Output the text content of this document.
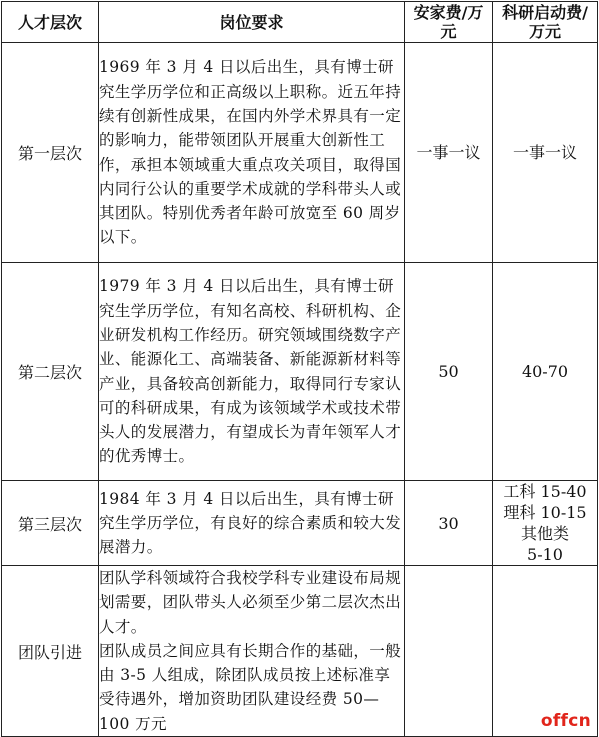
人才层次	岗位要求	安家费/万元	科研启动费/万元

第一层次	1969 年 3 月 4 日以后出生，具有博士研究生学历学位和正高级以上职称。近五年持续有创新性成果，在国内外学术界具有一定的影响力，能带领团队开展重大创新性工作，承担本领域重大重点攻关项目，取得国内同行公认的重要学术成就的学科带头人或其团队。特别优秀者年龄可放宽至 60 周岁以下。	一事一议	一事一议

第二层次	1979 年 3 月 4 日以后出生，具有博士研究生学历学位，有知名高校、科研机构、企业研发机构工作经历。研究领域围绕数字产业、能源化工、高端装备、新能源新材料等产业，具备较高创新能力，取得同行专家认可的科研成果，有成为该领域学术或技术带头人的发展潜力，有望成长为青年领军人才的优秀博士。	50	40-70

第三层次	1984 年 3 月 4 日以后出生，具有博士研究生学历学位，有良好的综合素质和较大发展潜力。	30	工科 15-40
理科 10-15
其他类
5-10

团队引进	团队学科领域符合我校学科专业建设布局规划需要，团队带头人必须至少第二层次杰出人才。
团队成员之间应具有长期合作的基础，一般由 3-5 人组成，除团队成员按上述标准享受待遇外，增加资助团队建设经费 50—100 万元		
			offcn
